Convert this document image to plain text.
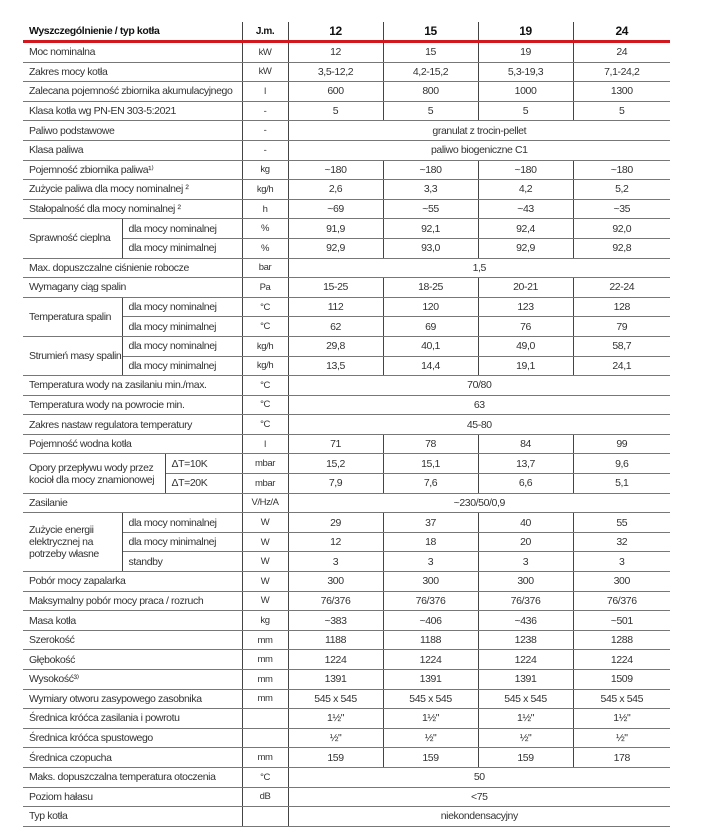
Wyszczególnienie / typ kotła			J.m.	12	15	19	24
Moc nominalna			kW	12	15	19	24
Zakres mocy kotła			kW	3,5-12,2	4,2-15,2	5,3-19,3	7,1-24,2
Zalecana pojemność zbiornika akumulacyjnego			l	600	800	1000	1300
Klasa kotła wg PN-EN 303-5:2021			-	5	5	5	5
Paliwo podstawowe			-	granulat z trocin-pellet			
Klasa paliwa			-	paliwo biogeniczne C1			
Pojemność zbiornika paliwa¹⁾			kg	~180	~180	~180	~180
Zużycie paliwa dla mocy nominalnej ²			kg/h	2,6	3,3	4,2	5,2
Stałopalność dla mocy nominalnej ²			h	~69	~55	~43	~35
Sprawność cieplna	dla mocy nominalnej		%	91,9	92,1	92,4	92,0
	dla mocy minimalnej		%	92,9	93,0	92,9	92,8
Max. dopuszczalne ciśnienie robocze			bar	1,5			
Wymagany ciąg spalin			Pa	15-25	18-25	20-21	22-24
Temperatura spalin	dla mocy nominalnej		°C	112	120	123	128
	dla mocy minimalnej		°C	62	69	76	79
Strumień masy spalin	dla mocy nominalnej		kg/h	29,8	40,1	49,0	58,7
	dla mocy minimalnej		kg/h	13,5	14,4	19,1	24,1
Temperatura wody na zasilaniu min./max.			°C	70/80			
Temperatura wody na powrocie min.			°C	63			
Zakres nastaw regulatora temperatury			°C	45-80			
Pojemność wodna kotła			l	71	78	84	99
Opory przepływu wody przez kocioł dla mocy znamionowej		ΔT=10K	mbar	15,2	15,1	13,7	9,6
		ΔT=20K	mbar	7,9	7,6	6,6	5,1
Zasilanie			V/Hz/A	~230/50/0,9			
Zużycie energii elektrycznej na potrzeby własne	dla mocy nominalnej		W	29	37	40	55
	dla mocy minimalnej		W	12	18	20	32
	standby		W	3	3	3	3
Pobór mocy zapalarka			W	300	300	300	300
Maksymalny pobór mocy praca / rozruch			W	76/376	76/376	76/376	76/376
Masa kotła			kg	~383	~406	~436	~501
Szerokość			mm	1188	1188	1238	1288
Głębokość			mm	1224	1224	1224	1224
Wysokość³⁾			mm	1391	1391	1391	1509
Wymiary otworu zasypowego zasobnika			mm	545 x 545	545 x 545	545 x 545	545 x 545
Średnica króćca zasilania i powrotu				1½"	1½"	1½"	1½"
Średnica króćca spustowego				½"	½"	½"	½"
Średnica czopucha			mm	159	159	159	178
Maks. dopuszczalna temperatura otoczenia			°C	50			
Poziom hałasu			dB	<75			
Typ kotła				niekondensacyjny			
